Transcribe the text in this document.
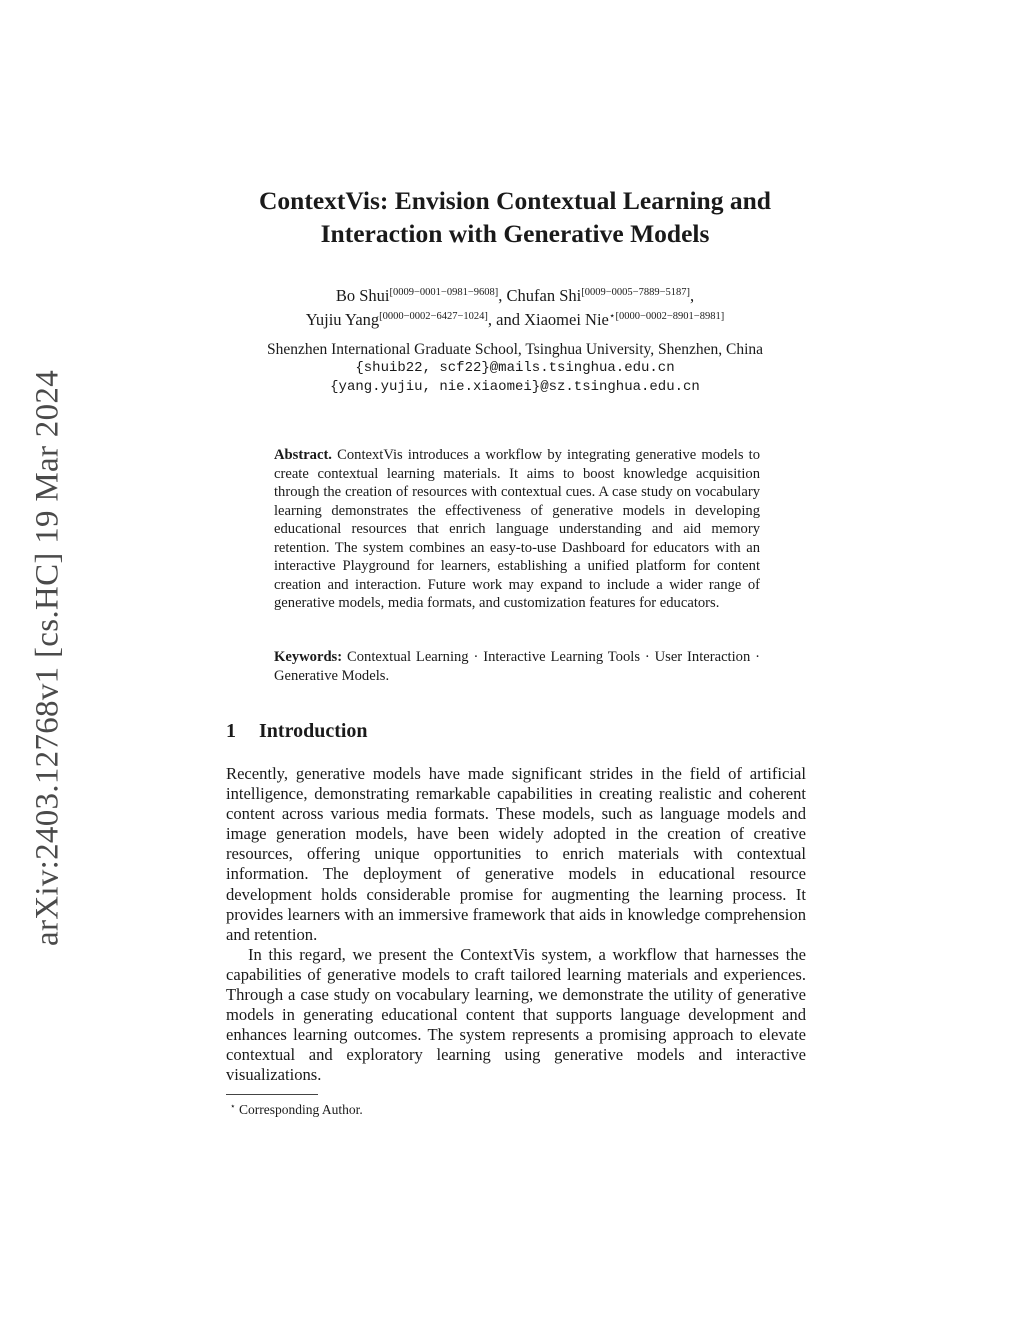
arXiv:2403.12768v1 [cs.HC] 19 Mar 2024
ContextVis: Envision Contextual Learning and
Interaction with Generative Models
Bo Shui[0009−0001−0981−9608], Chufan Shi[0009−0005−7889−5187],
Yujiu Yang[0000−0002−6427−1024], and Xiaomei Nie$^{⋆[0000-0002-8901-8981]}$
Shenzhen International Graduate School, Tsinghua University, Shenzhen, China
{shuib22, scf22}@mails.tsinghua.edu.cn
{yang.yujiu, nie.xiaomei}@sz.tsinghua.edu.cn
Abstract. ContextVis introduces a workflow by integrating generative models to create contextual learning materials. It aims to boost knowledge acquisition through the creation of resources with contextual cues. A case study on vocabulary learning demonstrates the effectiveness of generative models in developing educational resources that enrich language understanding and aid memory retention. The system combines an easy-to-use Dashboard for educators with an interactive Playground for learners, establishing a unified platform for content creation and interaction. Future work may expand to include a wider range of generative models, media formats, and customization features for educators.
Keywords: Contextual Learning · Interactive Learning Tools · User Interaction · Generative Models.
1 Introduction

Recently, generative models have made significant strides in the field of artificial intelligence, demonstrating remarkable capabilities in creating realistic and coherent content across various media formats. These models, such as language models and image generation models, have been widely adopted in the creation of creative resources, offering unique opportunities to enrich materials with contextual information. The deployment of generative models in educational resource development holds considerable promise for augmenting the learning process. It provides learners with an immersive framework that aids in knowledge comprehension and retention.

In this regard, we present the ContextVis system, a workflow that harnesses the capabilities of generative models to craft tailored learning materials and experiences. Through a case study on vocabulary learning, we demonstrate the utility of generative models in generating educational content that supports language development and enhances learning outcomes. The system represents a promising approach to elevate contextual and exploratory learning using generative models and interactive visualizations.

⋆ Corresponding Author.
